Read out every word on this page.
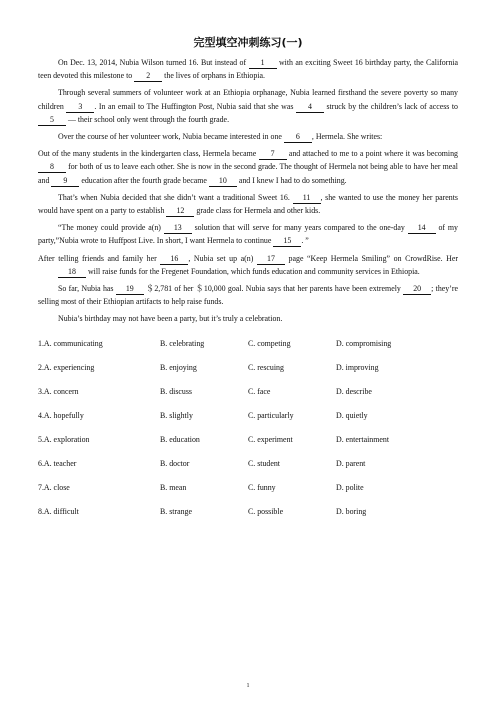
完型填空冲刺练习(一)

On Dec. 13, 2014, Nubia Wilson turned 16. But instead of 1 with an exciting Sweet 16 birthday party, the California teen devoted this milestone to 2 the lives of orphans in Ethiopia.

Through several summers of volunteer work at an Ethiopia orphanage, Nubia learned firsthand the severe poverty so many children 3 . In an email to The Huffington Post, Nubia said that she was 4 struck by the children’s lack of access to 5 — their school only went through the fourth grade.

Over the course of her volunteer work, Nubia became interested in one 6 , Hermela. She writes:

Out of the many students in the kindergarten class, Hermela became 7 and attached to me to a point where it was becoming 8 for both of us to leave each other. She is now in the second grade. The thought of Hermela not being able to have her meal and 9 education after the fourth grade became 10 and I knew I had to do something.

That’s when Nubia decided that she didn’t want a traditional Sweet 16. 11 , she wanted to use the money her parents would have spent on a party to establish 12 grade class for Hermela and other kids.

“The money could provide a(n) 13 solution that will serve for many years compared to the one-day 14 of my party,”Nubia wrote to Huffpost Live. In short, I want Hermela to continue 15 . ”

After telling friends and family her 16 , Nubia set up a(n) 17 page “Keep Hermela Smiling” on CrowdRise. Her 18 will raise funds for the Fregenet Foundation, which funds education and community services in Ethiopia.

So far, Nubia has 19 ＄2,781 of her ＄10,000 goal. Nubia says that her parents have been extremely 20 ; they’re selling most of their Ethiopian artifacts to help raise funds.

Nubia’s birthday may not have been a party, but it’s truly a celebration.

1.A. communicating	B. celebrating	C. competing	D. compromising
2.A. experiencing	B. enjoying	C. rescuing	D. improving
3.A. concern	B. discuss	C. face	D. describe
4.A. hopefully	B. slightly	C. particularly	D. quietly
5.A. exploration	B. education	C. experiment	D. entertainment
6.A. teacher	B. doctor	C. student	D. parent
7.A. close	B. mean	C. funny	D. polite
8.A. difficult	B. strange	C. possible	D. boring
1
